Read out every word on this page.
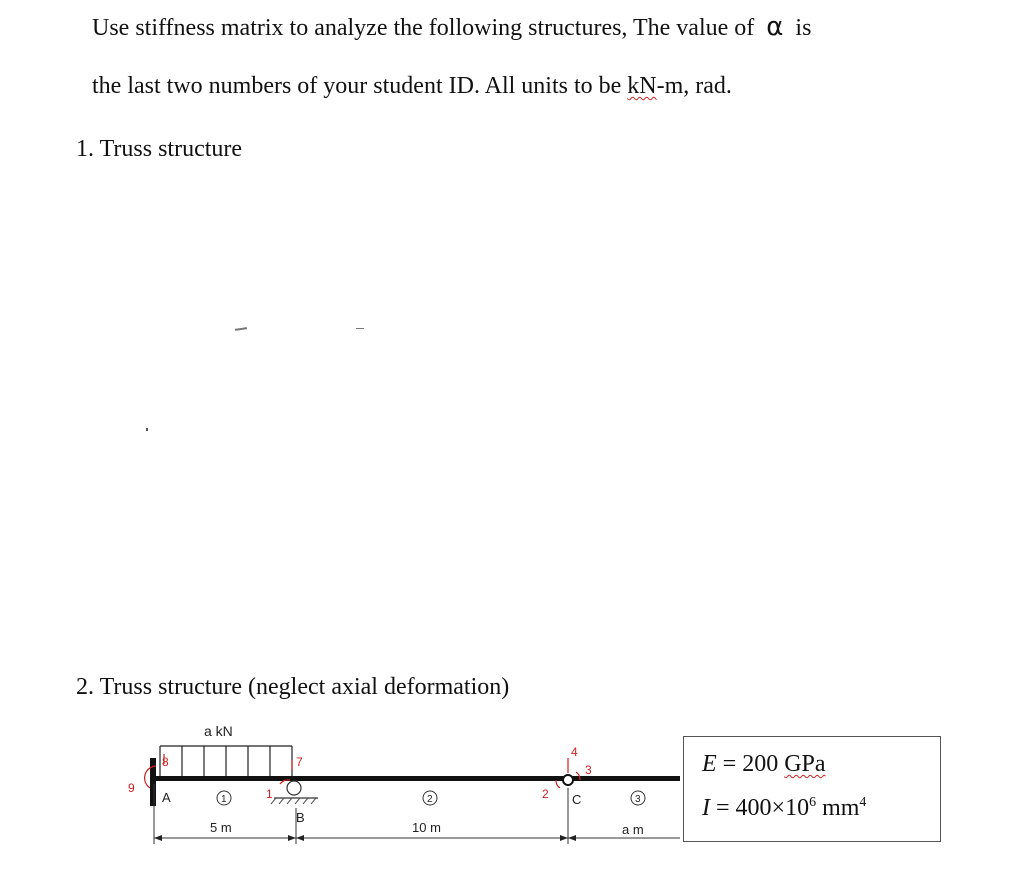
Use stiffness matrix to analyze the following structures, The value of α is
the last two numbers of your student ID. All units to be kN-m, rad.
1. Truss structure
2. Truss structure (neglect axial deformation)
a kN
9
8	7
1
4
3
2
A
B
C
1	2	3
5 m	10 m	a m
E = 200 GPa
$I = 400\times 10^6$ $mm^4$
